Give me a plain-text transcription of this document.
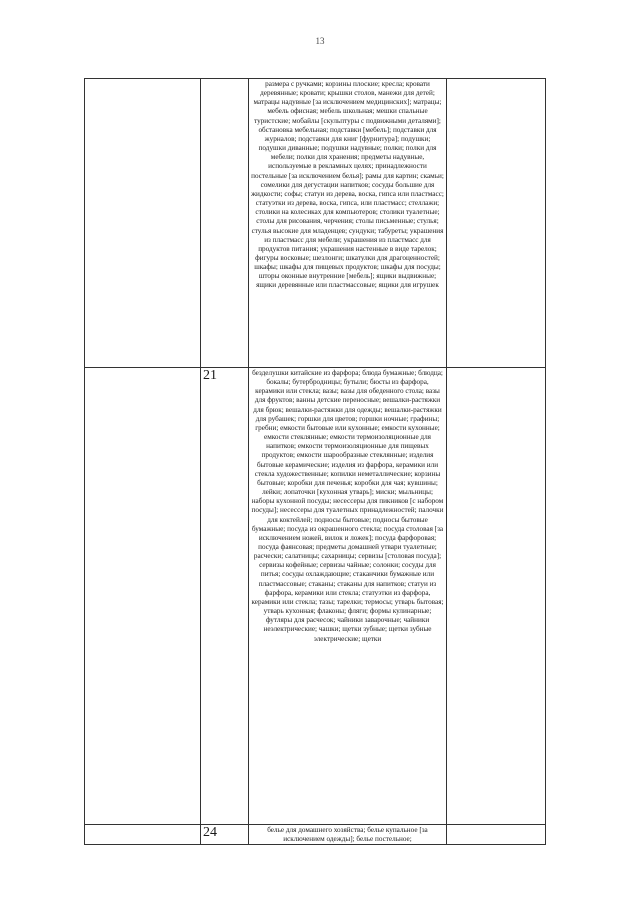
13
		размера с ручками; корзины плоские; кресла; кровати деревянные; кровати; крышки столов, манежи для детей; матрацы надувные [за исключением медицинских]; матрацы; мебель офисная; мебель школьная; мешки спальные туристские; мобайлы [скульптуры с подвижными деталями]; обстановка мебельная; подставки [мебель]; подставки для журналов; подставки для книг [фурнитура]; подушки; подушки диванные; подушки надувные; полки; полки для мебели; полки для хранения; предметы надувные, используемые в рекламных целях; принадлежности постельные [за исключением белья]; рамы для картин; скамьи; сомелики для дегустации напитков; сосуды большие для жидкости; софы; статуи из дерева, воска, гипса или пластмасс; статуэтки из дерева, воска, гипса, или пластмасс; стеллажи; столики на колесиках для компьютеров; столики туалетные; столы для рисования, черчения; столы письменные; стулья; стулья высокие для младенцев; сундуки; табуреты; украшения из пластмасс для мебели; украшения из пластмасс для продуктов питания; украшения настенные в виде тарелок; фигуры восковые; шезлонги; шкатулки для драгоценностей; шкафы; шкафы для пищевых продуктов; шкафы для посуды; шторы оконные внутренние [мебель]; ящики выдвижные; ящики деревянные или пластмассовые; ящики для игрушек	
	21	безделушки китайские из фарфора; блюда бумажные; блюдца; бокалы; бутербродницы; бутыли; бюсты из фарфора, керамики или стекла; вазы; вазы для обеденного стола; вазы для фруктов; ванны детские переносные; вешалки-растяжки для брюк; вешалки-растяжки для одежды; вешалки-растяжки для рубашек; горшки для цветов; горшки ночные; графины; гребни; емкости бытовые или кухонные; емкости кухонные; емкости стеклянные; емкости термоизоляционные для напитков; емкости термоизоляционные для пищевых продуктов; емкости шарообразные стеклянные; изделия бытовые керамические; изделия из фарфора, керамики или стекла художественные; копилки неметаллические; корзины бытовые; коробки для печенья; коробки для чая; кувшины; лейки; лопаточки [кухонная утварь]; миски; мыльницы; наборы кухонной посуды; несессеры для пикников [с набором посуды]; несессеры для туалетных принадлежностей; палочки для коктейлей; подносы бытовые; подносы бытовые бумажные; посуда из окрашенного стекла; посуда столовая [за исключением ножей, вилок и ложек]; посуда фарфоровая; посуда фаянсовая; предметы домашней утвари туалетные; расчески; салатницы; сахарницы; сервизы [столовая посуда]; сервизы кофейные; сервизы чайные; солонки; сосуды для питья; сосуды охлаждающие; стаканчики бумажные или пластмассовые; стаканы; стаканы для напитков; статуи из фарфора, керамики или стекла; статуэтки из фарфора, керамики или стекла; тазы; тарелки; термосы; утварь бытовая; утварь кухонная; флаконы; фляги; формы кулинарные; футляры для расчесок; чайники заварочные; чайники неэлектрические; чашки; щетки зубные; щетки зубные электрические; щетки	
	24	белье для домашнего хозяйства; белье купальное [за исключением одежды]; белье постельное;	
